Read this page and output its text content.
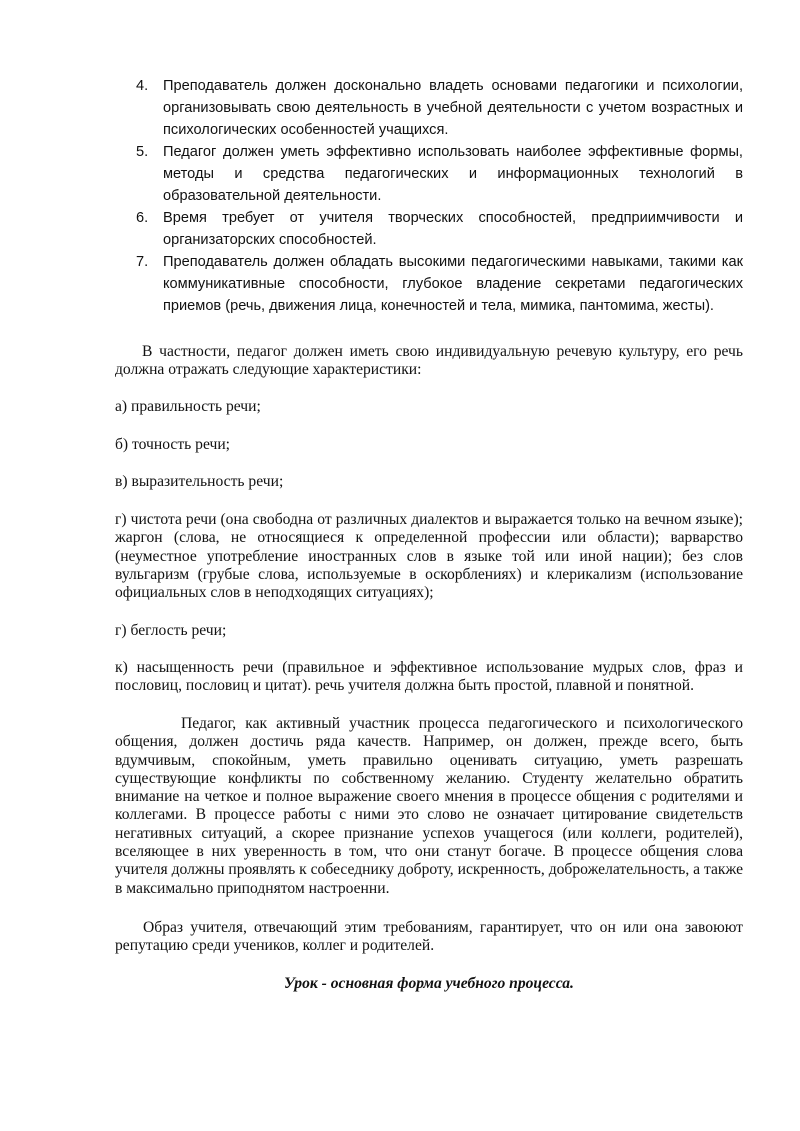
4. Преподаватель должен досконально владеть основами педагогики и психологии, организовывать свою деятельность в учебной деятельности с учетом возрастных и психологических особенностей учащихся.
5. Педагог должен уметь эффективно использовать наиболее эффективные формы, методы и средства педагогических и информационных технологий в образовательной деятельности.
6. Время требует от учителя творческих способностей, предприимчивости и организаторских способностей.
7. Преподаватель должен обладать высокими педагогическими навыками, такими как коммуникативные способности, глубокое владение секретами педагогических приемов (речь, движения лица, конечностей и тела, мимика, пантомима, жесты).
В частности, педагог должен иметь свою индивидуальную речевую культуру, его речь должна отражать следующие характеристики:
а) правильность речи;
б) точность речи;
в) выразительность речи;
г) чистота речи (она свободна от различных диалектов и выражается только на вечном языке); жаргон (слова, не относящиеся к определенной профессии или области); варварство (неуместное употребление иностранных слов в языке той или иной нации); без слов вульгаризм (грубые слова, используемые в оскорблениях) и клерикализм (использование официальных слов в неподходящих ситуациях);
г) беглость речи;
к) насыщенность речи (правильное и эффективное использование мудрых слов, фраз и пословиц, пословиц и цитат). речь учителя должна быть простой, плавной и понятной.
Педагог, как активный участник процесса педагогического и психологического общения, должен достичь ряда качеств. Например, он должен, прежде всего, быть вдумчивым, спокойным, уметь правильно оценивать ситуацию, уметь разрешать существующие конфликты по собственному желанию. Студенту желательно обратить внимание на четкое и полное выражение своего мнения в процессе общения с родителями и коллегами. В процессе работы с ними это слово не означает цитирование свидетельств негативных ситуаций, а скорее признание успехов учащегося (или коллеги, родителей), вселяющее в них уверенность в том, что они станут богаче. В процессе общения слова учителя должны проявлять к собеседнику доброту, искренность, доброжелательность, а также в максимально приподнятом настроенни.
Образ учителя, отвечающий этим требованиям, гарантирует, что он или она завоюют репутацию среди учеников, коллег и родителей.
Урок - основная форма учебного процесса.
